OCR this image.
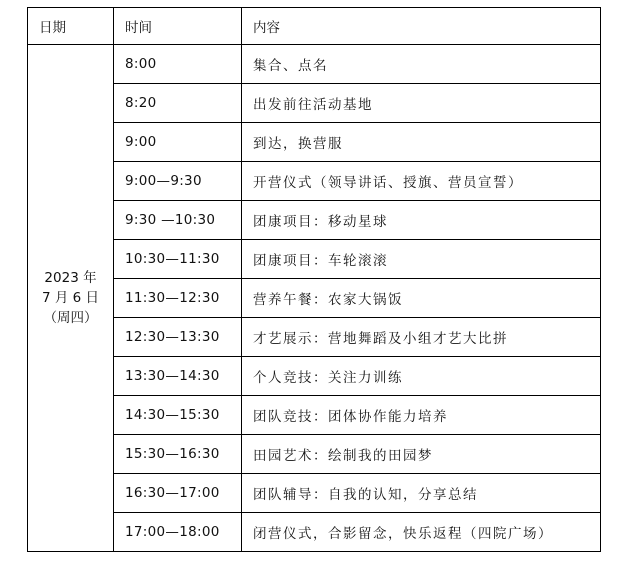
日期	时间	内容

2023 年
7 月 6 日
（周四）	8:00	集合、点名
	8:20	出发前往活动基地
	9:00	到达，换营服
	9:00—9:30	开营仪式（领导讲话、授旗、营员宣誓）
	9:30 —10:30	团康项目：移动星球
	10:30—11:30	团康项目：车轮滚滚
	11:30—12:30	营养午餐：农家大锅饭
	12:30—13:30	才艺展示：营地舞蹈及小组才艺大比拼
	13:30—14:30	个人竞技：关注力训练
	14:30—15:30	团队竞技：团体协作能力培养
	15:30—16:30	田园艺术：绘制我的田园梦
	16:30—17:00	团队辅导：自我的认知，分享总结
	17:00—18:00	闭营仪式，合影留念，快乐返程（四院广场）
